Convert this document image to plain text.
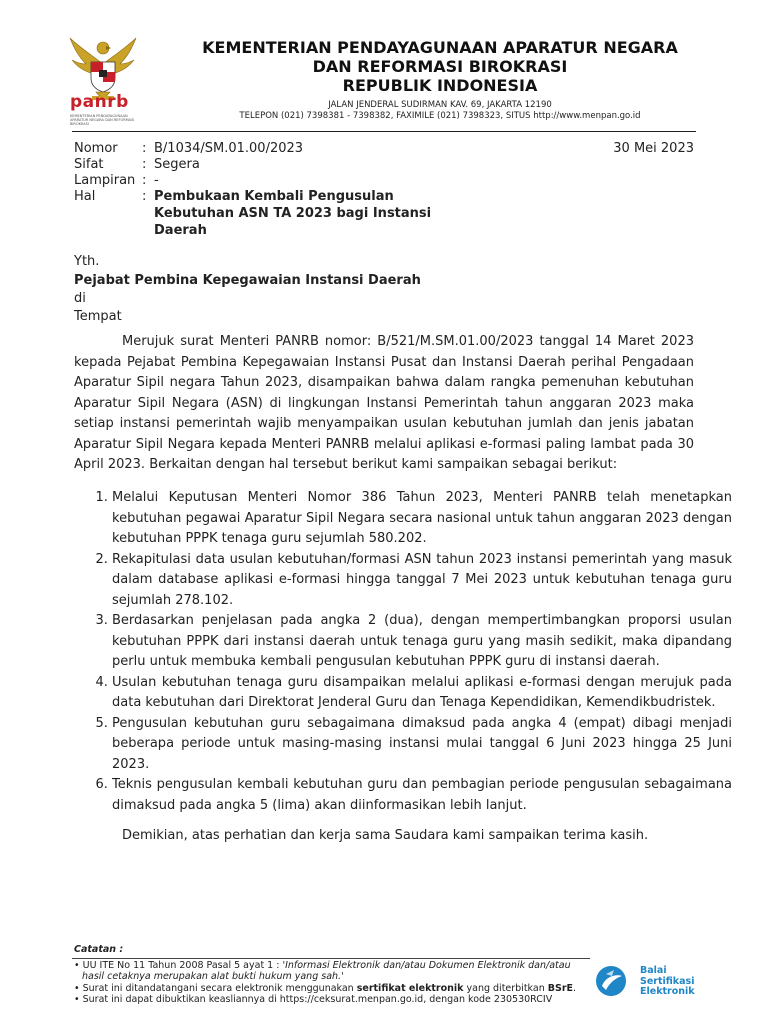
panrb
KEMENTERIAN PENDAYAGUNAAN APARATUR NEGARA DAN REFORMASI BIROKRASI
KEMENTERIAN PENDAYAGUNAAN APARATUR NEGARA
DAN REFORMASI BIROKRASI
REPUBLIK INDONESIA
JALAN JENDERAL SUDIRMAN KAV. 69, JAKARTA 12190
TELEPON (021) 7398381 - 7398382, FAXIMILE (021) 7398323, SITUS http://www.menpan.go.id
Nomor : B/1034/SM.01.00/2023	30 Mei 2023
Sifat	: Segera
Lampiran : -
Hal	: Pembukaan Kembali Pengusulan
Kebutuhan ASN TA 2023 bagi Instansi
Daerah
Yth.
Pejabat Pembina Kepegawaian Instansi Daerah
di
Tempat
Merujuk surat Menteri PANRB nomor: B/521/M.SM.01.00/2023 tanggal 14 Maret 2023 kepada Pejabat Pembina Kepegawaian Instansi Pusat dan Instansi Daerah perihal Pengadaan Aparatur Sipil negara Tahun 2023, disampaikan bahwa dalam rangka pemenuhan kebutuhan Aparatur Sipil Negara (ASN) di lingkungan Instansi Pemerintah tahun anggaran 2023 maka setiap instansi pemerintah wajib menyampaikan usulan kebutuhan jumlah dan jenis jabatan Aparatur Sipil Negara kepada Menteri PANRB melalui aplikasi e-formasi paling lambat pada 30 April 2023. Berkaitan dengan hal tersebut berikut kami sampaikan sebagai berikut:
1. Melalui Keputusan Menteri Nomor 386 Tahun 2023, Menteri PANRB telah menetapkan kebutuhan pegawai Aparatur Sipil Negara secara nasional untuk tahun anggaran 2023 dengan kebutuhan PPPK tenaga guru sejumlah 580.202.
2. Rekapitulasi data usulan kebutuhan/formasi ASN tahun 2023 instansi pemerintah yang masuk dalam database aplikasi e-formasi hingga tanggal 7 Mei 2023 untuk kebutuhan tenaga guru sejumlah 278.102.
3. Berdasarkan penjelasan pada angka 2 (dua), dengan mempertimbangkan proporsi usulan kebutuhan PPPK dari instansi daerah untuk tenaga guru yang masih sedikit, maka dipandang perlu untuk membuka kembali pengusulan kebutuhan PPPK guru di instansi daerah.
4. Usulan kebutuhan tenaga guru disampaikan melalui aplikasi e-formasi dengan merujuk pada data kebutuhan dari Direktorat Jenderal Guru dan Tenaga Kependidikan, Kemendikbudristek.
5. Pengusulan kebutuhan guru sebagaimana dimaksud pada angka 4 (empat) dibagi menjadi beberapa periode untuk masing-masing instansi mulai tanggal 6 Juni 2023 hingga 25 Juni 2023.
6. Teknis pengusulan kembali kebutuhan guru dan pembagian periode pengusulan sebagaimana dimaksud pada angka 5 (lima) akan diinformasikan lebih lanjut.
Demikian, atas perhatian dan kerja sama Saudara kami sampaikan terima kasih.
Catatan :
• UU ITE No 11 Tahun 2008 Pasal 5 ayat 1 : 'Informasi Elektronik dan/atau Dokumen Elektronik dan/atau
hasil cetaknya merupakan alat bukti hukum yang sah.'
• Surat ini ditandatangani secara elektronik menggunakan sertifikat elektronik yang diterbitkan BSrE.
• Surat ini dapat dibuktikan keasliannya di https://ceksurat.menpan.go.id, dengan kode 230530RCIV
Balai
Sertifikasi
Elektronik
